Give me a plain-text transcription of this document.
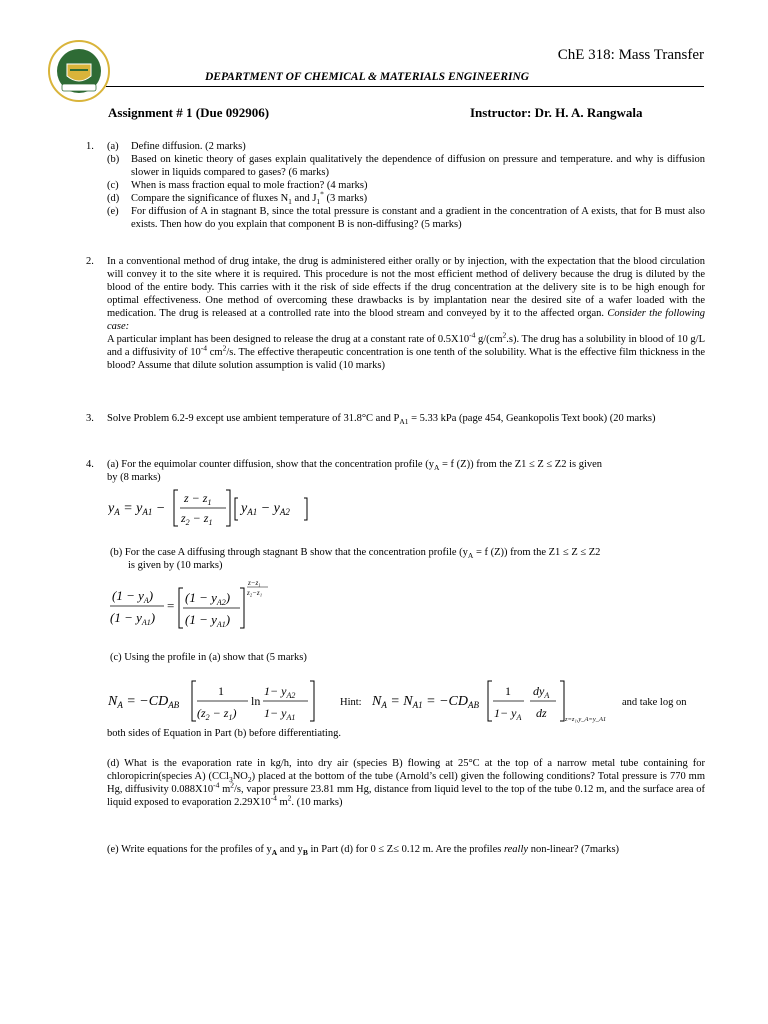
ChE 318: Mass Transfer
DEPARTMENT OF CHEMICAL & MATERIALS ENGINEERING
Assignment # 1 (Due 092906)	Instructor: Dr. H. A. Rangwala
1. (a)	Define diffusion. (2 marks)
(b)	Based on kinetic theory of gases explain qualitatively the dependence of diffusion on pressure and temperature. and why is diffusion slower in liquids compared to gases? (6 marks)
(c)	When is mass fraction equal to mole fraction? (4 marks)
(d)	Compare the significance of fluxes $N_1$ and $J_1^*$ (3 marks)
(e)	For diffusion of A in stagnant B, since the total pressure is constant and a gradient in the concentration of A exists, that for B must also exists. Then how do you explain that component B is non-diffusing? (5 marks)
2. In a conventional method of drug intake, the drug is administered either orally or by injection, with the expectation that the blood circulation will convey it to the site where it is required. This procedure is not the most efficient method of delivery because the drug is diluted by the blood of the entire body. This carries with it the risk of side effects if the drug concentration at the delivery site is to be high enough for optimal effectiveness. One method of overcoming these drawbacks is by implantation near the desired site of a wafer loaded with the medication. The drug is released at a controlled rate into the blood stream and conveyed by it to the affected organ. Consider the following case:
A particular implant has been designed to release the drug at a constant rate of $0.5X10^{-4}$ $g/(cm^2.s)$. The drug has a solubility in blood of 10 g/L and a diffusivity of $10^{-4}$ $cm^2/s$. The effective therapeutic concentration is one tenth of the solubility. What is the effective film thickness in the blood? Assume that dilute solution assumption is valid (10 marks)
3. Solve Problem 6.2-9 except use ambient temperature of 31.8°C and $P_{A1} = 5.33$ kPa (page 454, Geankopolis Text book) (20 marks)
4. (a) For the equimolar counter diffusion, show that the concentration profile ($y_A = f$ (Z)) from the Z1 ≤ Z ≤ Z2 is given
by (8 marks)
$y_A = y_{A1}$ −
$z - z_1$
$z_2 - z_1$
$y_{A1} - y_{A2}$
(b) For the case A diffusing through stagnant B show that the concentration profile ($y_A = f$ (Z)) from the Z1 ≤ Z ≤ Z2
is given by (10 marks)
$(1 - y_A)$
$(1 - y_{A1})$
=
$(1 - y_{A2})$
$(1 - y_{A1})$
z−z₁
z₂−z₁
(c) Using the profile in (a) show that (5 marks)
$N_A = -CD_{AB}$
1
$(z_2 - z_1)$
ln
$1- y_{A2}$
$1- y_{A1}$
Hint: $N_A = N_{A1} = -CD_{AB}$
1
$1- y_A$
$dy_A$
dz	z=z₁,y_A=y_A1
and take log on
both sides of Equation in Part (b) before differentiating.
(d) What is the evaporation rate in kg/h, into dry air (species B) flowing at 25°C at the top of a narrow metal tube containing for chloropicrin(species A) $(CCl_3NO_2)$ placed at the bottom of the tube (Arnold’s cell) given the following conditions? Total pressure is 770 mm Hg, diffusivity $0.088X10^{-4}$ $m^2/s$, vapor pressure 23.81 mm Hg, distance from liquid level to the top of the tube 0.12 m, and the surface area of liquid exposed to evaporation $2.29X10^{-4}$ $m^2$. (10 marks)
(e) Write equations for the profiles of $y_A$ and $y_B$ in Part (d) for 0 ≤ Z≤ 0.12 m. Are the profiles really non-linear? (7marks)
